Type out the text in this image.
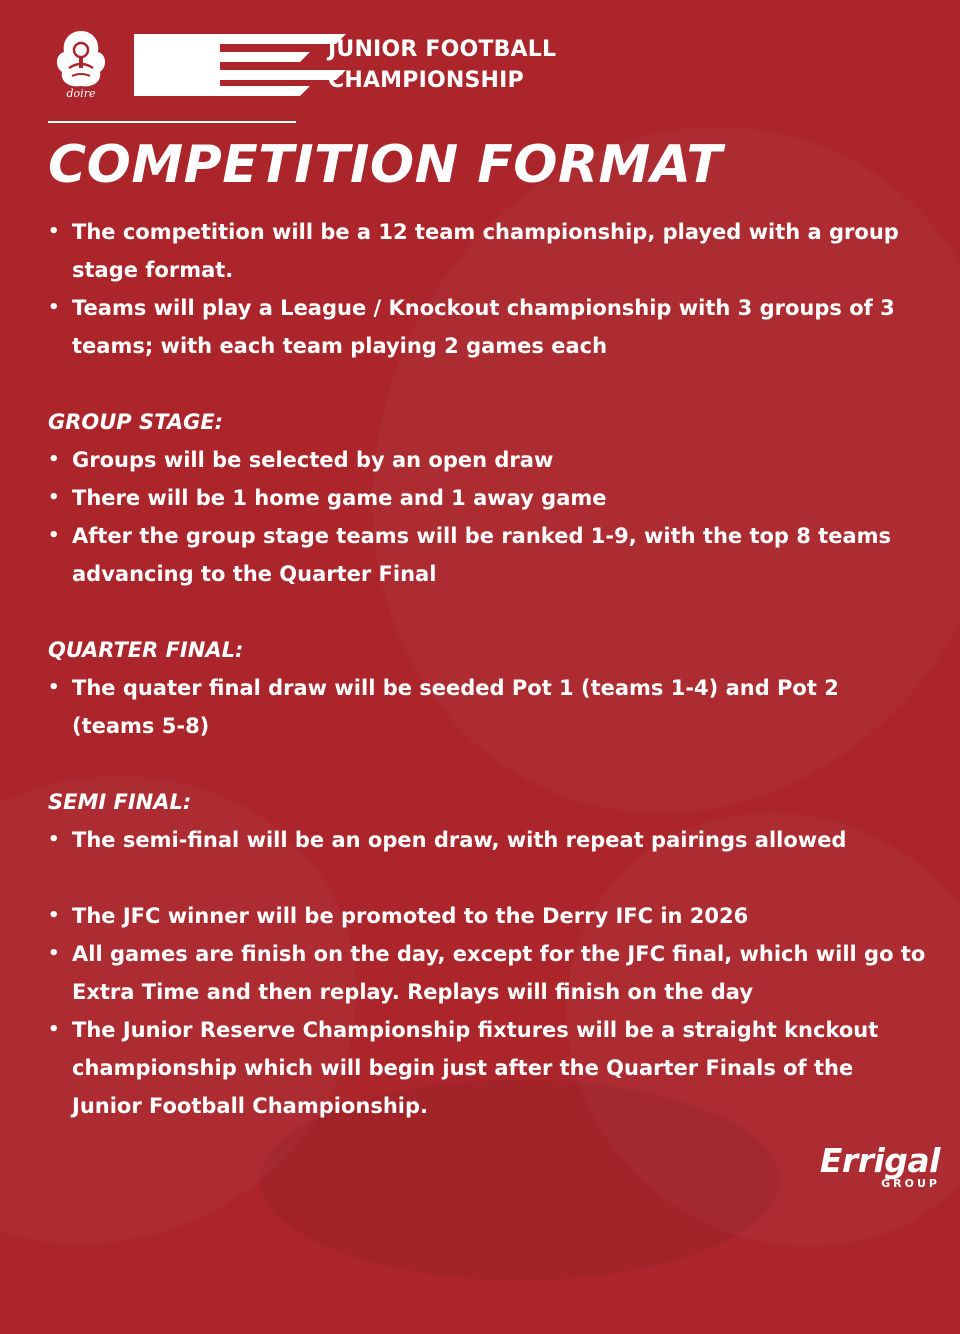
doire
JUNIOR FOOTBALL
CHAMPIONSHIP
COMPETITION FORMAT
• The competition will be a 12 team championship, played with a group stage format.
• Teams will play a League / Knockout championship with 3 groups of 3 teams; with each team playing 2 games each
GROUP STAGE:
• Groups will be selected by an open draw
• There will be 1 home game and 1 away game
• After the group stage teams will be ranked 1-9, with the top 8 teams advancing to the Quarter Final
QUARTER FINAL:
• The quater final draw will be seeded Pot 1 (teams 1-4) and Pot 2 (teams 5-8)
SEMI FINAL:
• The semi-final will be an open draw, with repeat pairings allowed
• The JFC winner will be promoted to the Derry IFC in 2026
• All games are finish on the day, except for the JFC final, which will go to Extra Time and then replay. Replays will finish on the day
• The Junior Reserve Championship fixtures will be a straight knckout championship which will begin just after the Quarter Finals of the Junior Football Championship.
Errigal
GROUP
